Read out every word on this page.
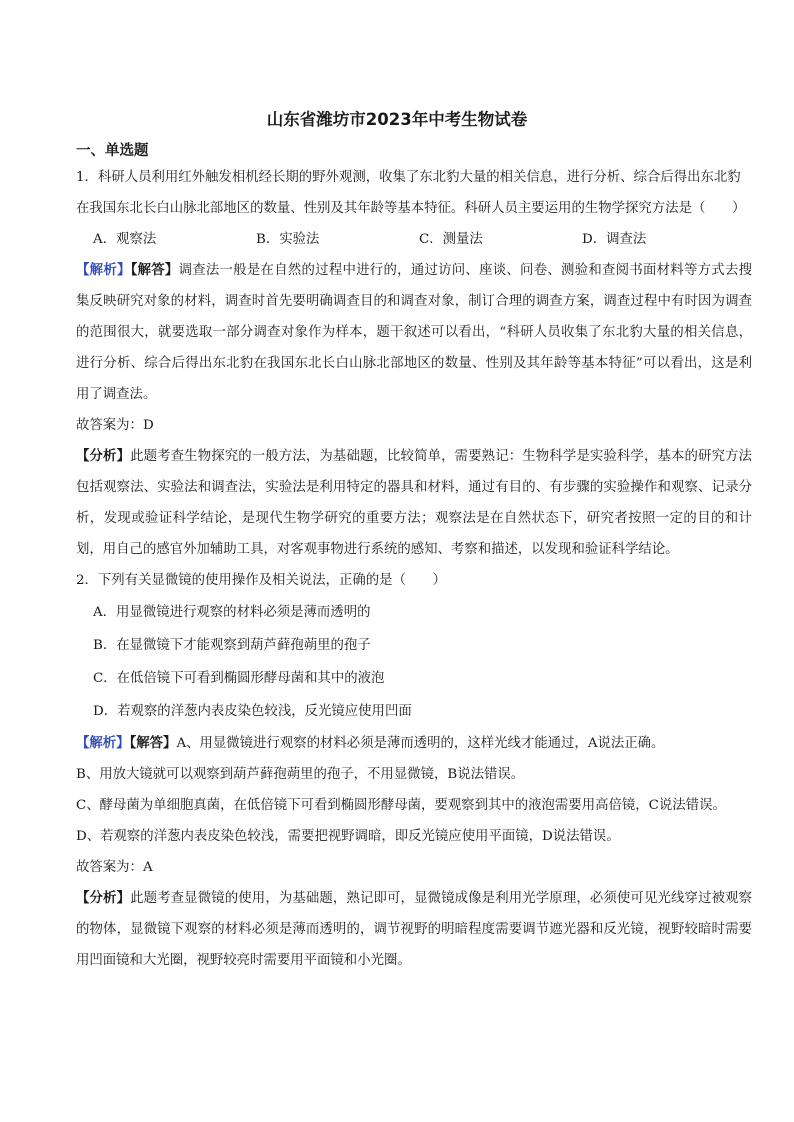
山东省潍坊市2023年中考生物试卷
一、单选题

1．科研人员利用红外触发相机经长期的野外观测，收集了东北豹大量的相关信息，进行分析、综合后得出东北豹在我国东北长白山脉北部地区的数量、性别及其年龄等基本特征。科研人员主要运用的生物学探究方法是（　　）

A．观察法	B．实验法	C．测量法	D．调查法

【解析】【解答】调查法一般是在自然的过程中进行的，通过访问、座谈、问卷、测验和查阅书面材料等方式去搜集反映研究对象的材料，调查时首先要明确调查目的和调查对象，制订合理的调查方案，调查过程中有时因为调查的范围很大，就要选取一部分调查对象作为样本，题干叙述可以看出，“科研人员收集了东北豹大量的相关信息，进行分析、综合后得出东北豹在我国东北长白山脉北部地区的数量、性别及其年龄等基本特征”可以看出，这是利用了调查法。

故答案为：D

【分析】此题考查生物探究的一般方法，为基础题，比较简单，需要熟记：生物科学是实验科学，基本的研究方法包括观察法、实验法和调查法，实验法是利用特定的器具和材料，通过有目的、有步骤的实验操作和观察、记录分析，发现或验证科学结论，是现代生物学研究的重要方法；观察法是在自然状态下，研究者按照一定的目的和计划，用自己的感官外加辅助工具，对客观事物进行系统的感知、考察和描述，以发现和验证科学结论。

2．下列有关显微镜的使用操作及相关说法，正确的是（　　）

A．用显微镜进行观察的材料必须是薄而透明的

B．在显微镜下才能观察到葫芦藓孢蒴里的孢子

C．在低倍镜下可看到椭圆形酵母菌和其中的液泡

D．若观察的洋葱内表皮染色较浅，反光镜应使用凹面

【解析】【解答】A、用显微镜进行观察的材料必须是薄而透明的，这样光线才能通过，A说法正确。

B、用放大镜就可以观察到葫芦藓孢蒴里的孢子，不用显微镜，B说法错误。

C、酵母菌为单细胞真菌，在低倍镜下可看到椭圆形酵母菌，要观察到其中的液泡需要用高倍镜，C说法错误。

D、若观察的洋葱内表皮染色较浅，需要把视野调暗，即反光镜应使用平面镜，D说法错误。

故答案为：A

【分析】此题考查显微镜的使用，为基础题，熟记即可，显微镜成像是利用光学原理，必须使可见光线穿过被观察的物体，显微镜下观察的材料必须是薄而透明的，调节视野的明暗程度需要调节遮光器和反光镜，视野较暗时需要用凹面镜和大光圈，视野较亮时需要用平面镜和小光圈。
